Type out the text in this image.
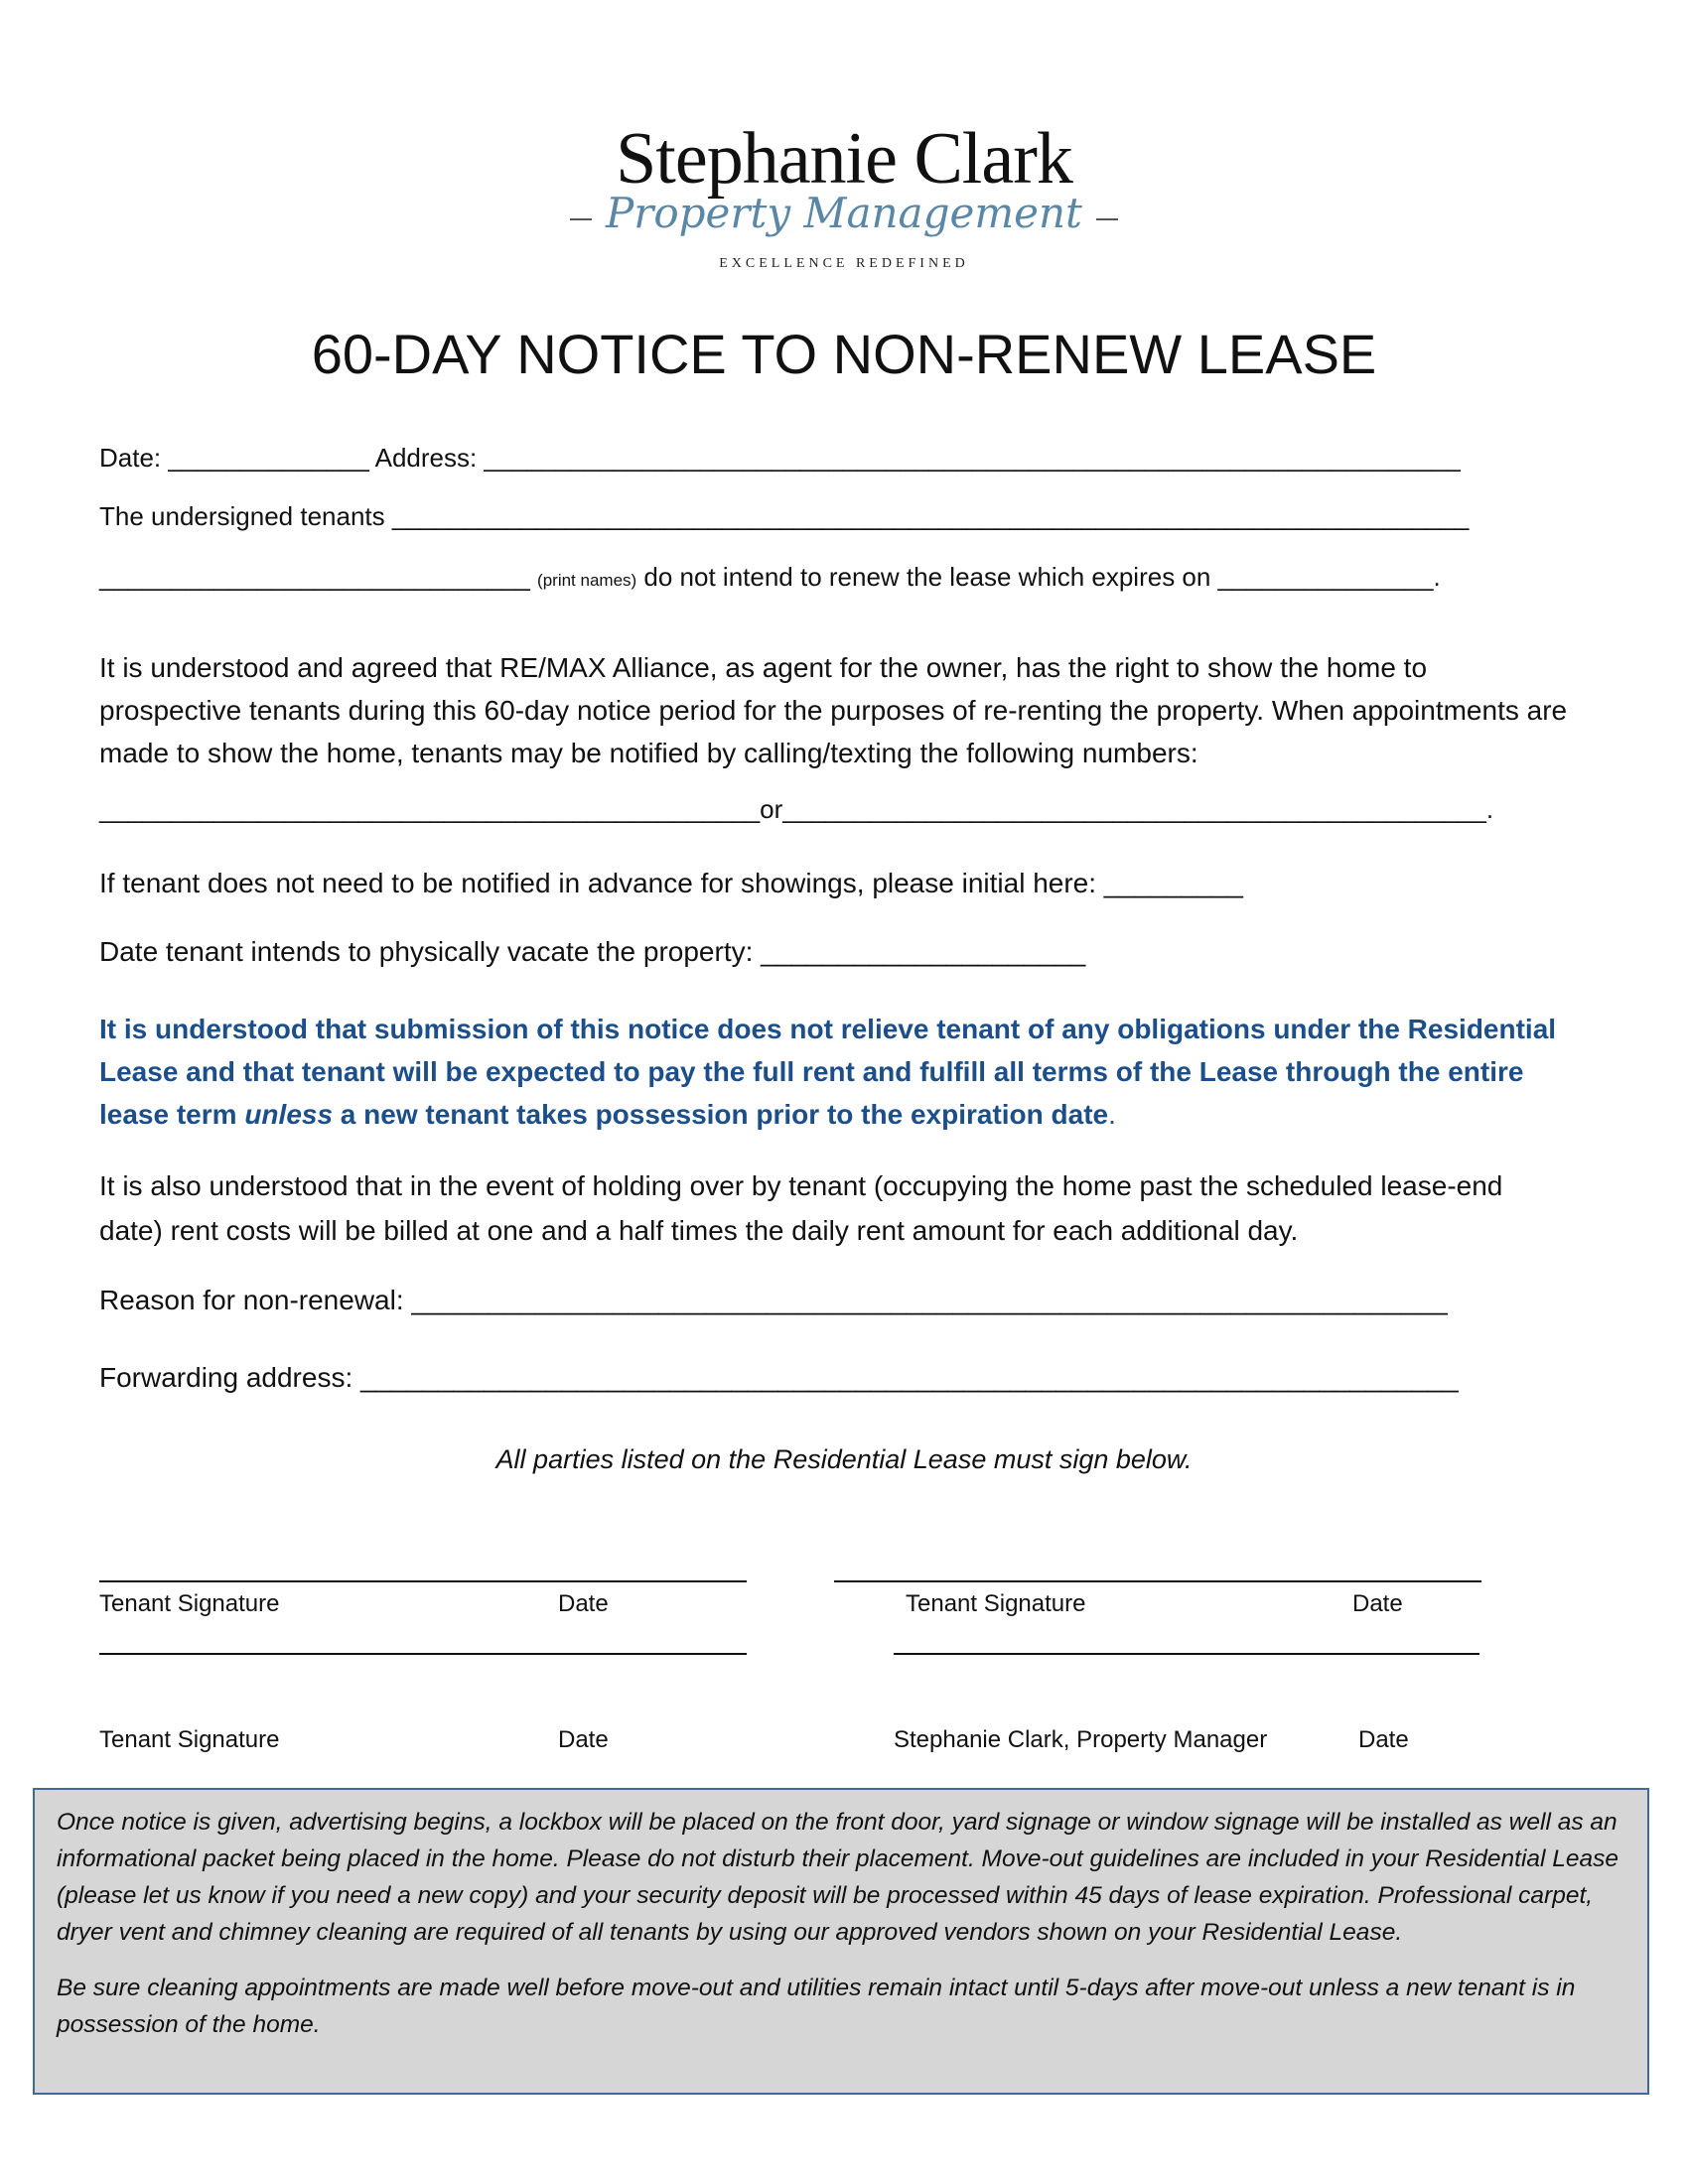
Stephanie Clark
Property Management
EXCELLENCE REDEFINED
60-DAY NOTICE TO NON-RENEW LEASE
Date: ______________ Address: ____________________________________________________________________
The undersigned tenants ___________________________________________________________________________
______________________________ (print names) do not intend to renew the lease which expires on _______________.
It is understood and agreed that RE/MAX Alliance, as agent for the owner, has the right to show the home to prospective tenants during this 60-day notice period for the purposes of re-renting the property. When appointments are made to show the home, tenants may be notified by calling/texting the following numbers:
______________________________________________or_________________________________________________.
If tenant does not need to be notified in advance for showings, please initial here: _________
Date tenant intends to physically vacate the property: _____________________
It is understood that submission of this notice does not relieve tenant of any obligations under the Residential Lease and that tenant will be expected to pay the full rent and fulfill all terms of the Lease through the entire lease term unless a new tenant takes possession prior to the expiration date.
It is also understood that in the event of holding over by tenant (occupying the home past the scheduled lease-end date) rent costs will be billed at one and a half times the daily rent amount for each additional day.
Reason for non-renewal: ___________________________________________________________________
Forwarding address: _______________________________________________________________________
All parties listed on the Residential Lease must sign below.
Tenant Signature	Date	Tenant Signature	Date
Tenant Signature	Date	Stephanie Clark, Property Manager	Date

Once notice is given, advertising begins, a lockbox will be placed on the front door, yard signage or window signage will be installed as well as an informational packet being placed in the home. Please do not disturb their placement. Move-out guidelines are included in your Residential Lease (please let us know if you need a new copy) and your security deposit will be processed within 45 days of lease expiration. Professional carpet, dryer vent and chimney cleaning are required of all tenants by using our approved vendors shown on your Residential Lease.

Be sure cleaning appointments are made well before move-out and utilities remain intact until 5-days after move-out unless a new tenant is in possession of the home.
